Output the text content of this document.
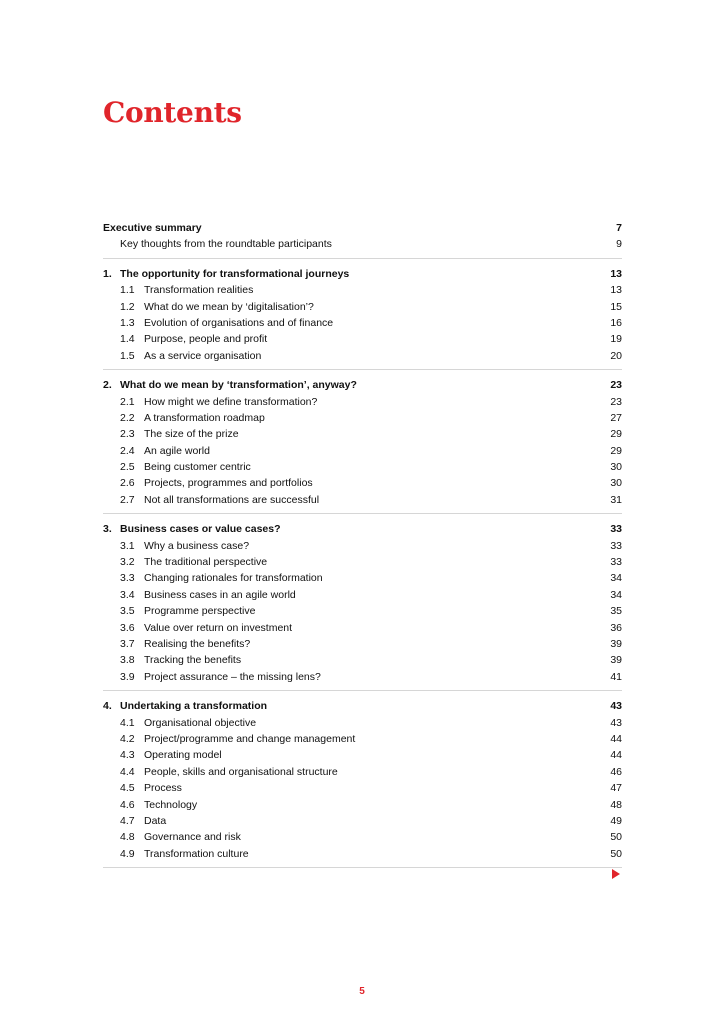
Contents
Executive summary	7
Key thoughts from the roundtable participants	9
1. The opportunity for transformational journeys	13
1.1 Transformation realities	13
1.2 What do we mean by ‘digitalisation’?	15
1.3 Evolution of organisations and of finance	16
1.4 Purpose, people and profit	19
1.5 As a service organisation	20
2. What do we mean by ‘transformation’, anyway?	23
2.1 How might we define transformation?	23
2.2 A transformation roadmap	27
2.3 The size of the prize	29
2.4 An agile world	29
2.5 Being customer centric	30
2.6 Projects, programmes and portfolios	30
2.7 Not all transformations are successful	31
3. Business cases or value cases?	33
3.1 Why a business case?	33
3.2 The traditional perspective	33
3.3 Changing rationales for transformation	34
3.4 Business cases in an agile world	34
3.5 Programme perspective	35
3.6 Value over return on investment	36
3.7 Realising the benefits?	39
3.8 Tracking the benefits	39
3.9 Project assurance – the missing lens?	41
4. Undertaking a transformation	43
4.1 Organisational objective	43
4.2 Project/programme and change management	44
4.3 Operating model	44
4.4 People, skills and organisational structure	46
4.5 Process	47
4.6 Technology	48
4.7 Data	49
4.8 Governance and risk	50
4.9 Transformation culture	50
5
